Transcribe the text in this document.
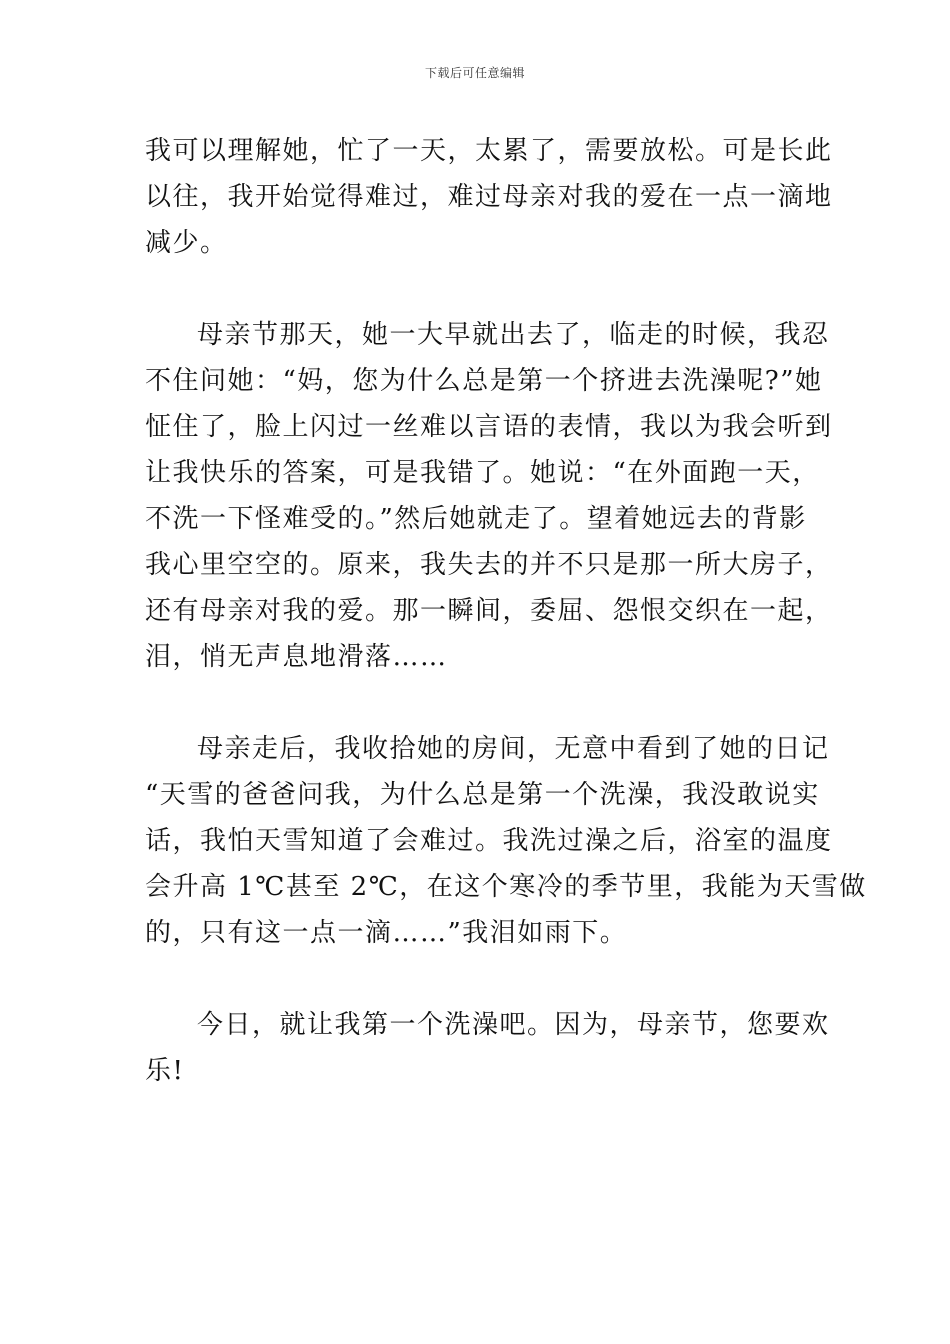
下载后可任意编辑
我可以理解她，忙了一天，太累了，需要放松。可是长此
以往，我开始觉得难过，难过母亲对我的爱在一点一滴地
减少。
母亲节那天，她一大早就出去了，临走的时候，我忍
不住问她：“妈，您为什么总是第一个挤进去洗澡呢?”她
怔住了，脸上闪过一丝难以言语的表情，我以为我会听到
让我快乐的答案，可是我错了。她说：“在外面跑一天，
不洗一下怪难受的。”然后她就走了。望着她远去的背影
我心里空空的。原来，我失去的并不只是那一所大房子，
还有母亲对我的爱。那一瞬间，委屈、怨恨交织在一起，
泪，悄无声息地滑落……
母亲走后，我收拾她的房间，无意中看到了她的日记
“天雪的爸爸问我，为什么总是第一个洗澡，我没敢说实
话，我怕天雪知道了会难过。我洗过澡之后，浴室的温度
会升高 1℃甚至 2℃，在这个寒冷的季节里，我能为天雪做
的，只有这一点一滴……”我泪如雨下。
今日，就让我第一个洗澡吧。因为，母亲节，您要欢
乐!
